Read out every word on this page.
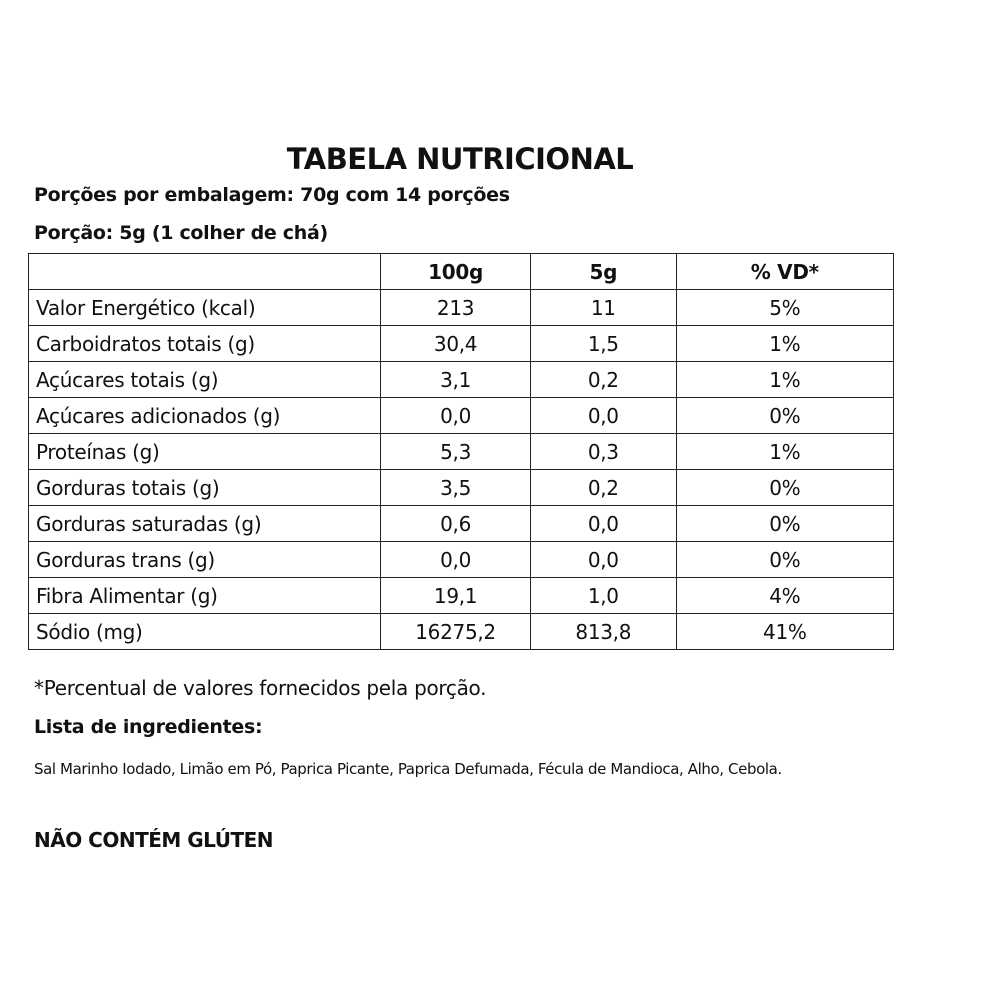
TABELA NUTRICIONAL
Porções por embalagem: 70g com 14 porções
Porção: 5g (1 colher de chá)
	100g	5g	% VD*
Valor Energético (kcal)	213	11	5%
Carboidratos totais (g)	30,4	1,5	1%
Açúcares totais (g)	3,1	0,2	1%
Açúcares adicionados (g)	0,0	0,0	0%
Proteínas (g)	5,3	0,3	1%
Gorduras totais (g)	3,5	0,2	0%
Gorduras saturadas (g)	0,6	0,0	0%
Gorduras trans (g)	0,0	0,0	0%
Fibra Alimentar (g)	19,1	1,0	4%
Sódio (mg)	16275,2	813,8	41%
*Percentual de valores fornecidos pela porção.
Lista de ingredientes:
Sal Marinho Iodado, Limão em Pó, Paprica Picante, Paprica Defumada, Fécula de Mandioca, Alho, Cebola.
NÃO CONTÉM GLÚTEN
